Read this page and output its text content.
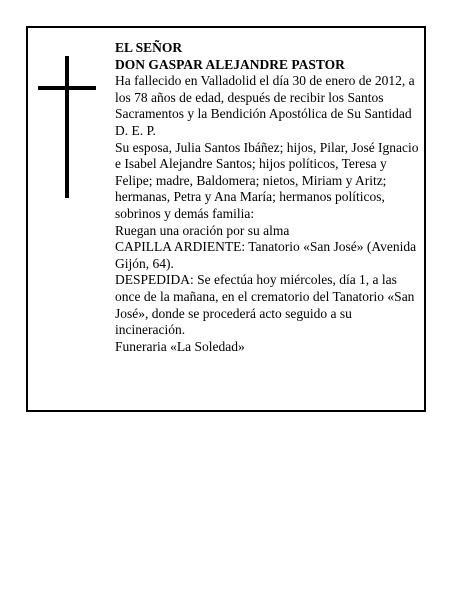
EL SEÑOR

DON GASPAR ALEJANDRE PASTOR

Ha fallecido en Valladolid el día 30 de enero de 2012, a los 78 años de edad, después de recibir los Santos Sacramentos y la Bendición Apostólica de Su Santidad D. E. P.

Su esposa, Julia Santos Ibáñez; hijos, Pilar, José Ignacio e Isabel Alejandre Santos; hijos políticos, Teresa y Felipe; madre, Baldomera; nietos, Miriam y Aritz; hermanas, Petra y Ana María; hermanos políticos, sobrinos y demás familia:

Ruegan una oración por su alma

CAPILLA ARDIENTE: Tanatorio «San José» (Avenida Gijón, 64).

DESPEDIDA: Se efectúa hoy miércoles, día 1, a las once de la mañana, en el crematorio del Tanatorio «San José», donde se procederá acto seguido a su incineración.

Funeraria «La Soledad»
